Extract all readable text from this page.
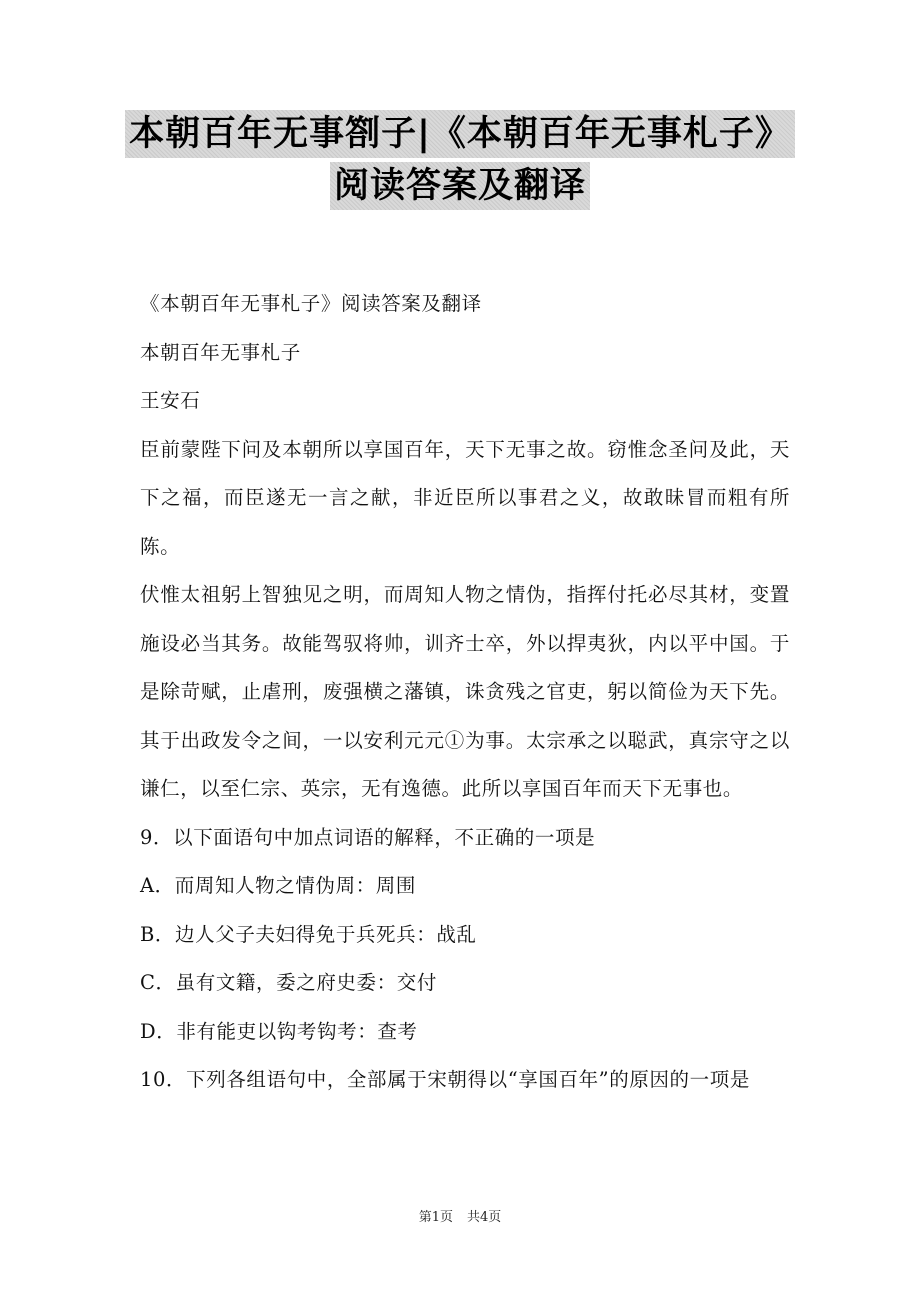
本朝百年无事劄子|《本朝百年无事札子》
阅读答案及翻译

《本朝百年无事札子》阅读答案及翻译

本朝百年无事札子

王安石

臣前蒙陛下问及本朝所以享国百年，天下无事之故。窃惟念圣问及此，天下之福，而臣遂无一言之献，非近臣所以事君之义，故敢昧冒而粗有所陈。

伏惟太祖躬上智独见之明，而周知人物之情伪，指挥付托必尽其材，变置施设必当其务。故能驾驭将帅，训齐士卒，外以捍夷狄，内以平中国。于是除苛赋，止虐刑，废强横之藩镇，诛贪残之官吏，躬以简俭为天下先。其于出政发令之间，一以安利元元①为事。太宗承之以聪武，真宗守之以谦仁，以至仁宗、英宗，无有逸德。此所以享国百年而天下无事也。

9．以下面语句中加点词语的解释，不正确的一项是

A．而周知人物之情伪周：周围

B．边人父子夫妇得免于兵死兵：战乱

C．虽有文籍，委之府史委：交付

D．非有能吏以钩考钩考：查考

10．下列各组语句中，全部属于宋朝得以“享国百年”的原因的一项是

第1页 共4页
